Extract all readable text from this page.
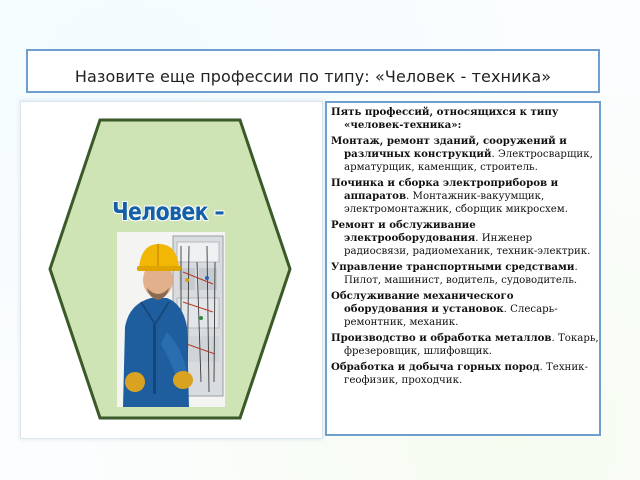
Назовите еще профессии по типу: «Человек - техника»
Человек –
Пять профессий, относящихся к типу «человек-техника»:
Монтаж, ремонт зданий, сооружений и различных конструкций. Электросварщик, арматурщик, каменщик, строитель.
Починка и сборка электроприборов и аппаратов. Монтажник-вакуумщик, электромонтажник, сборщик микросхем.
Ремонт и обслуживание электрооборудования. Инженер радиосвязи, радиомеханик, техник-электрик.
Управление транспортными средствами. Пилот, машинист, водитель, судоводитель.
Обслуживание механического оборудования и установок. Слесарь-ремонтник, механик.
Производство и обработка металлов. Токарь, фрезеровщик, шлифовщик.
Обработка и добыча горных пород. Техник-геофизик, проходчик.
